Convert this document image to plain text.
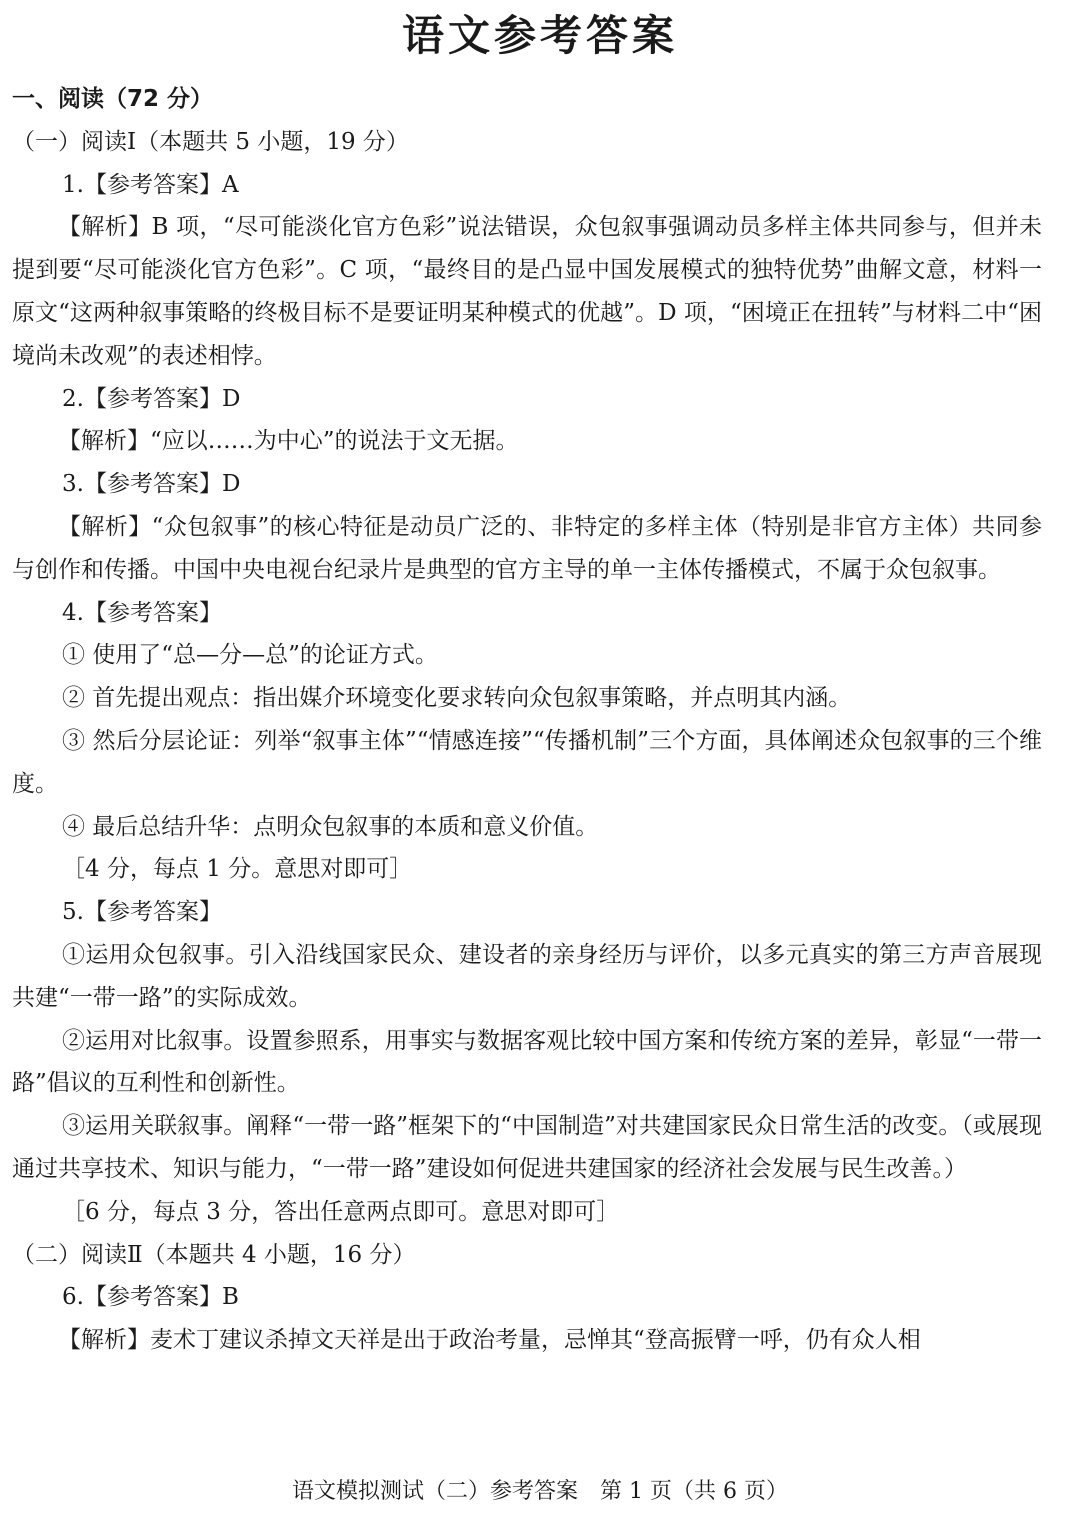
语文参考答案

一、阅读（72 分）

（一）阅读Ⅰ（本题共 5 小题，19 分）

1.【参考答案】A

【解析】B 项，“尽可能淡化官方色彩”说法错误，众包叙事强调动员多样主体共同参与，但并未提到要“尽可能淡化官方色彩”。C 项，“最终目的是凸显中国发展模式的独特优势”曲解文意，材料一原文“这两种叙事策略的终极目标不是要证明某种模式的优越”。D 项，“困境正在扭转”与材料二中“困境尚未改观”的表述相悖。

2.【参考答案】D

【解析】“应以……为中心”的说法于文无据。

3.【参考答案】D

【解析】“众包叙事”的核心特征是动员广泛的、非特定的多样主体（特别是非官方主体）共同参与创作和传播。中国中央电视台纪录片是典型的官方主导的单一主体传播模式，不属于众包叙事。

4.【参考答案】

① 使用了“总—分—总”的论证方式。

② 首先提出观点：指出媒介环境变化要求转向众包叙事策略，并点明其内涵。

③ 然后分层论证：列举“叙事主体”“情感连接”“传播机制”三个方面，具体阐述众包叙事的三个维度。

④ 最后总结升华：点明众包叙事的本质和意义价值。

［4 分，每点 1 分。意思对即可］

5.【参考答案】

①运用众包叙事。引入沿线国家民众、建设者的亲身经历与评价，以多元真实的第三方声音展现共建“一带一路”的实际成效。

②运用对比叙事。设置参照系，用事实与数据客观比较中国方案和传统方案的差异，彰显“一带一路”倡议的互利性和创新性。

③运用关联叙事。阐释“一带一路”框架下的“中国制造”对共建国家民众日常生活的改变。（或展现通过共享技术、知识与能力，“一带一路”建设如何促进共建国家的经济社会发展与民生改善。）

［6 分，每点 3 分，答出任意两点即可。意思对即可］

（二）阅读Ⅱ（本题共 4 小题，16 分）

6.【参考答案】B

【解析】麦术丁建议杀掉文天祥是出于政治考量，忌惮其“登高振臂一呼，仍有众人相

语文模拟测试（二）参考答案　第 1 页（共 6 页）
